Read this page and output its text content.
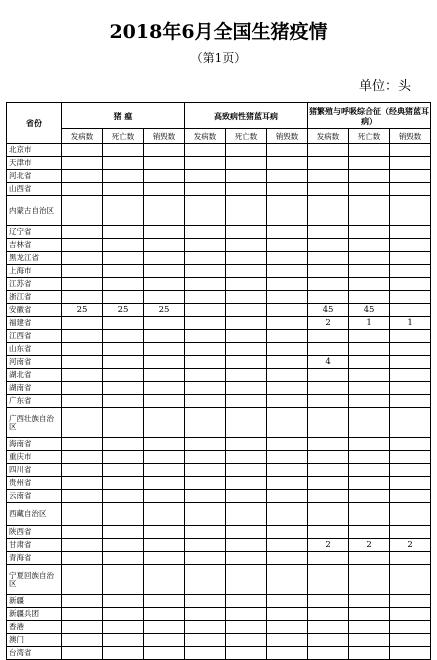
2018年6月全国生猪疫情
（第1页）
单位：头
省份	猪 瘟			高致病性猪蓝耳病			猪繁殖与呼吸综合征（经典猪蓝耳病）		
	发病数	死亡数	销毁数	发病数	死亡数	销毁数	发病数	死亡数	销毁数
北京市									
天津市									
河北省									
山西省									
内蒙古自治区									
辽宁省									
吉林省									
黑龙江省									
上海市									
江苏省									
浙江省									
安徽省	25	25	25				45	45	
福建省							2	1	1
江西省									
山东省									
河南省							4		
湖北省									
湖南省									
广东省									
广西壮族自治区									
海南省									
重庆市									
四川省									
贵州省									
云南省									
西藏自治区									
陕西省									
甘肃省							2	2	2
青海省									
宁夏回族自治区									
新疆									
新疆兵团									
香港									
澳门									
台湾省									
